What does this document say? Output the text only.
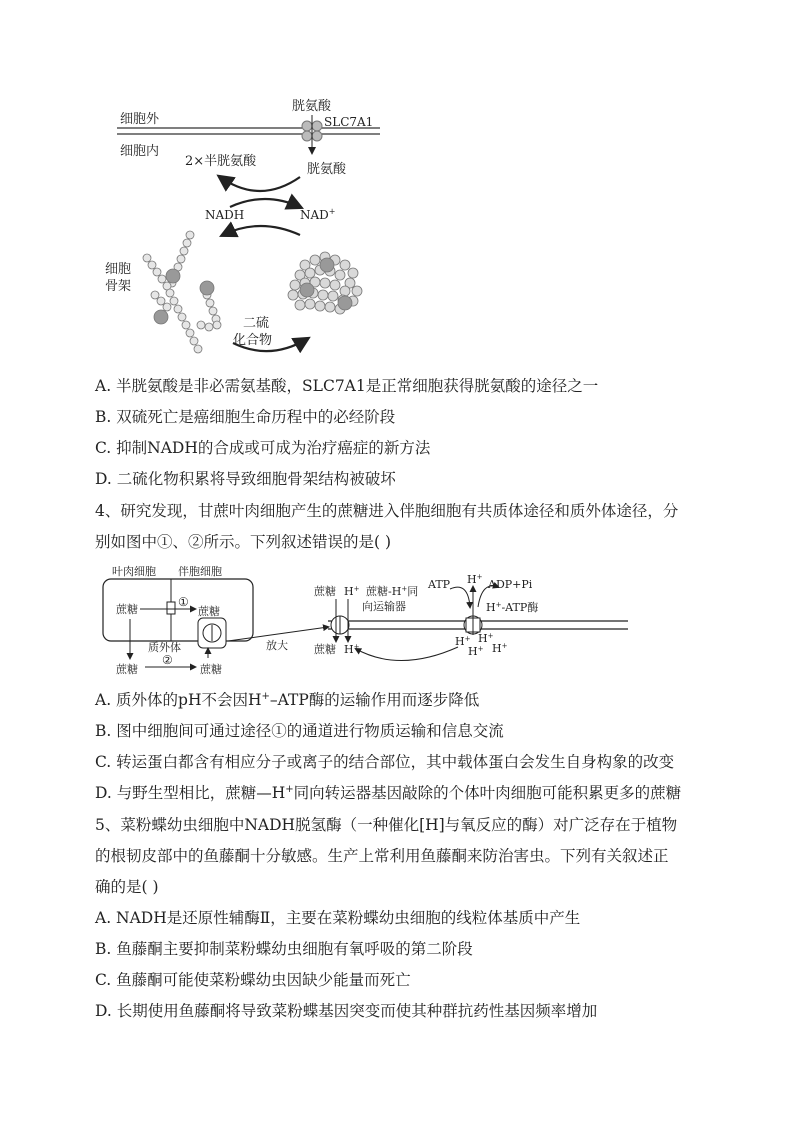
细胞外
细胞内
胱氨酸
SLC7A1
胱氨酸
2×半胱氨酸
NADH	NAD+
细胞
骨架
二硫
化合物
A. 半胱氨酸是非必需氨基酸，SLC7A1是正常细胞获得胱氨酸的途径之一
B. 双硫死亡是癌细胞生命历程中的必经阶段
C. 抑制NADH的合成或可成为治疗癌症的新方法
D. 二硫化物积累将导致细胞骨架结构被破坏
4、研究发现，甘蔗叶肉细胞产生的蔗糖进入伴胞细胞有共质体途径和质外体途径，分
别如图中①、②所示。下列叙述错误的是( )
叶肉细胞 伴胞细胞
蔗糖	蔗糖
①
质外体
②
蔗糖	蔗糖
放大
蔗糖 H+ 蔗糖-H+同
向运输器
ATP H+
ADP+Pi
H+-ATP酶
蔗糖 H+	H+ H+
H+ H+
A. 质外体的pH不会因H+–ATP酶的运输作用而逐步降低
B. 图中细胞间可通过途径①的通道进行物质运输和信息交流
C. 转运蛋白都含有相应分子或离子的结合部位，其中载体蛋白会发生自身构象的改变
D. 与野生型相比，蔗糖—H+同向转运器基因敲除的个体叶肉细胞可能积累更多的蔗糖
5、菜粉蝶幼虫细胞中NADH脱氢酶（一种催化[H]与氧反应的酶）对广泛存在于植物
的根韧皮部中的鱼藤酮十分敏感。生产上常利用鱼藤酮来防治害虫。下列有关叙述正
确的是( )
A. NADH是还原性辅酶Ⅱ，主要在菜粉蝶幼虫细胞的线粒体基质中产生
B. 鱼藤酮主要抑制菜粉蝶幼虫细胞有氧呼吸的第二阶段
C. 鱼藤酮可能使菜粉蝶幼虫因缺少能量而死亡
D. 长期使用鱼藤酮将导致菜粉蝶基因突变而使其种群抗药性基因频率增加
